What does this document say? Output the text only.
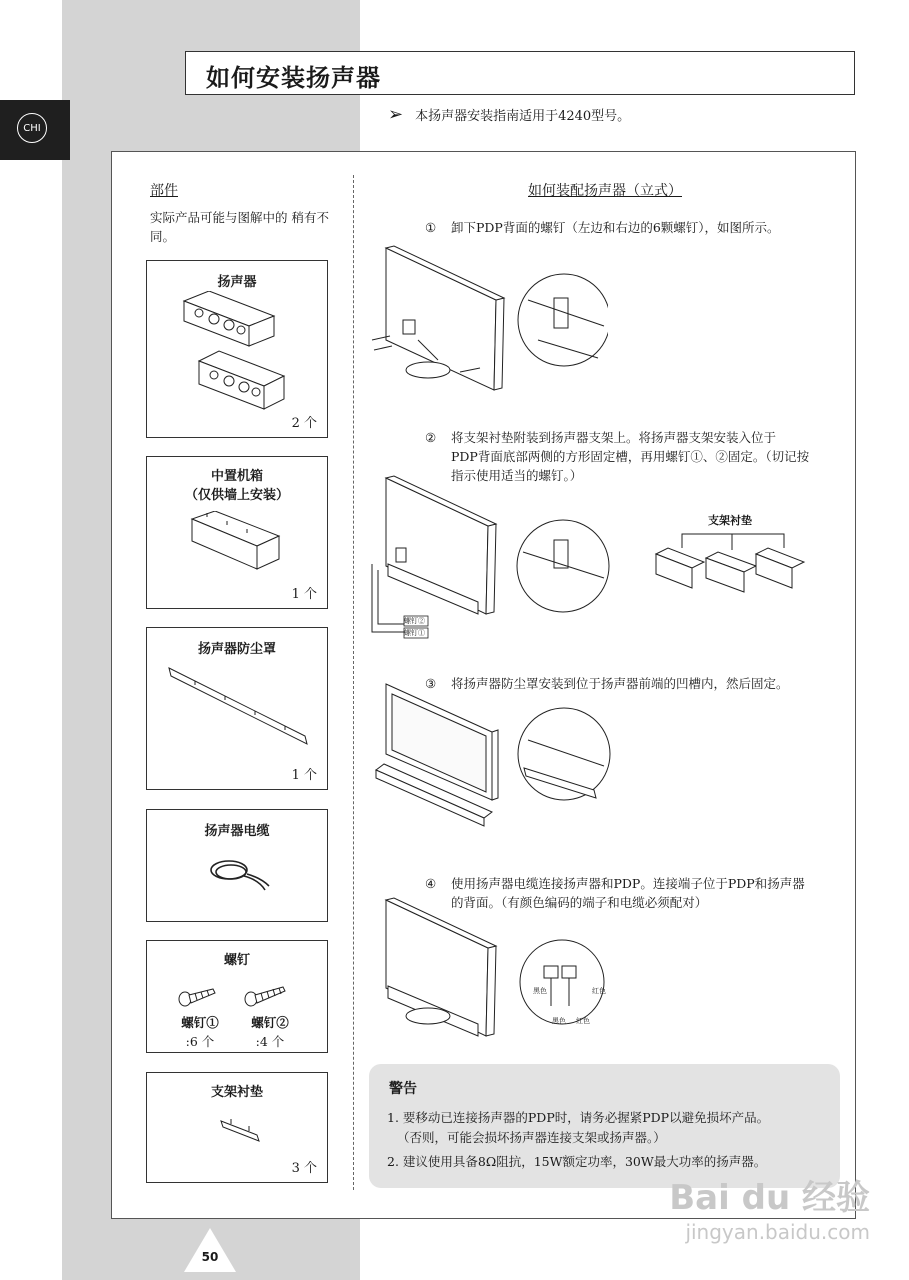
CHI
如何安装扬声器
➢ 本扬声器安装指南适用于4240型号。
部件
实际产品可能与图解中的 稍有不同。
扬声器
2 个
中置机箱
（仅供墙上安装）
1 个
扬声器防尘罩
1 个
扬声器电缆
螺钉
螺钉①
:6 个
螺钉②
:4 个
支架衬垫
3 个
如何装配扬声器（立式）
① 卸下PDP背面的螺钉（左边和右边的6颗螺钉），如图所示。
② 将支架衬垫附装到扬声器支架上。将扬声器支架安装入位于
PDP背面底部两侧的方形固定槽，再用螺钉①、②固定。（切记按
指示使用适当的螺钉。）
螺钉②
螺钉①
支架衬垫
③ 将扬声器防尘罩安装到位于扬声器前端的凹槽内，然后固定。
④ 使用扬声器电缆连接扬声器和PDP。连接端子位于PDP和扬声器
的背面。（有颜色编码的端子和电缆必须配对）
黑色	红色
黑色 红色
警告
1. 要移动已连接扬声器的PDP时，请务必握紧PDP以避免损坏产品。
（否则，可能会损坏扬声器连接支架或扬声器。）
2. 建议使用具备8Ω阻抗，15W额定功率，30W最大功率的扬声器。
50
Bai du 经验
jingyan.baidu.com
